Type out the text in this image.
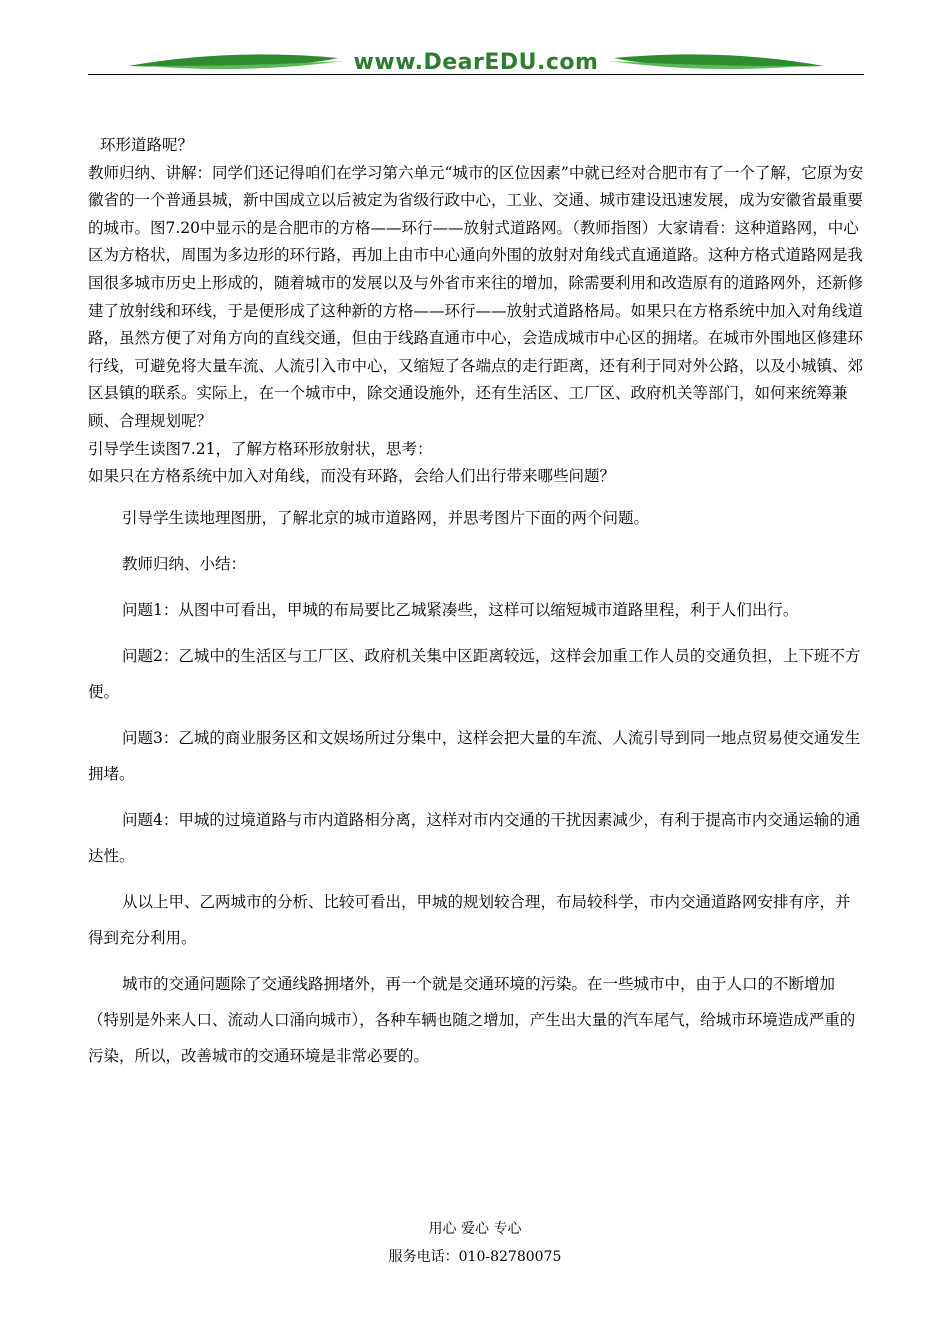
www.DearEDU.com

环形道路呢？

教师归纳、讲解：同学们还记得咱们在学习第六单元“城市的区位因素”中就已经对合肥市有了一个了解，它原为安徽省的一个普通县城，新中国成立以后被定为省级行政中心，工业、交通、城市建设迅速发展，成为安徽省最重要的城市。图7.20中显示的是合肥市的方格——环行——放射式道路网。（教师指图）大家请看：这种道路网，中心区为方格状，周围为多边形的环行路，再加上由市中心通向外围的放射对角线式直通道路。这种方格式道路网是我国很多城市历史上形成的，随着城市的发展以及与外省市来往的增加，除需要利用和改造原有的道路网外，还新修建了放射线和环线，于是便形成了这种新的方格——环行——放射式道路格局。如果只在方格系统中加入对角线道路，虽然方便了对角方向的直线交通，但由于线路直通市中心，会造成城市中心区的拥堵。在城市外围地区修建环行线，可避免将大量车流、人流引入市中心，又缩短了各端点的走行距离，还有利于同对外公路，以及小城镇、郊区县镇的联系。实际上，在一个城市中，除交通设施外，还有生活区、工厂区、政府机关等部门，如何来统筹兼顾、合理规划呢？

引导学生读图7.21，了解方格环形放射状，思考：

如果只在方格系统中加入对角线，而没有环路，会给人们出行带来哪些问题？

引导学生读地理图册，了解北京的城市道路网，并思考图片下面的两个问题。

教师归纳、小结：

问题1：从图中可看出，甲城的布局要比乙城紧凑些，这样可以缩短城市道路里程，利于人们出行。

问题2：乙城中的生活区与工厂区、政府机关集中区距离较远，这样会加重工作人员的交通负担，上下班不方便。

问题3：乙城的商业服务区和文娱场所过分集中，这样会把大量的车流、人流引导到同一地点贸易使交通发生拥堵。

问题4：甲城的过境道路与市内道路相分离，这样对市内交通的干扰因素减少，有利于提高市内交通运输的通达性。

从以上甲、乙两城市的分析、比较可看出，甲城的规划较合理，布局较科学，市内交通道路网安排有序，并得到充分利用。

城市的交通问题除了交通线路拥堵外，再一个就是交通环境的污染。在一些城市中，由于人口的不断增加（特别是外来人口、流动人口涌向城市），各种车辆也随之增加，产生出大量的汽车尾气，给城市环境造成严重的污染，所以，改善城市的交通环境是非常必要的。

用心 爱心 专心
服务电话：010-82780075
